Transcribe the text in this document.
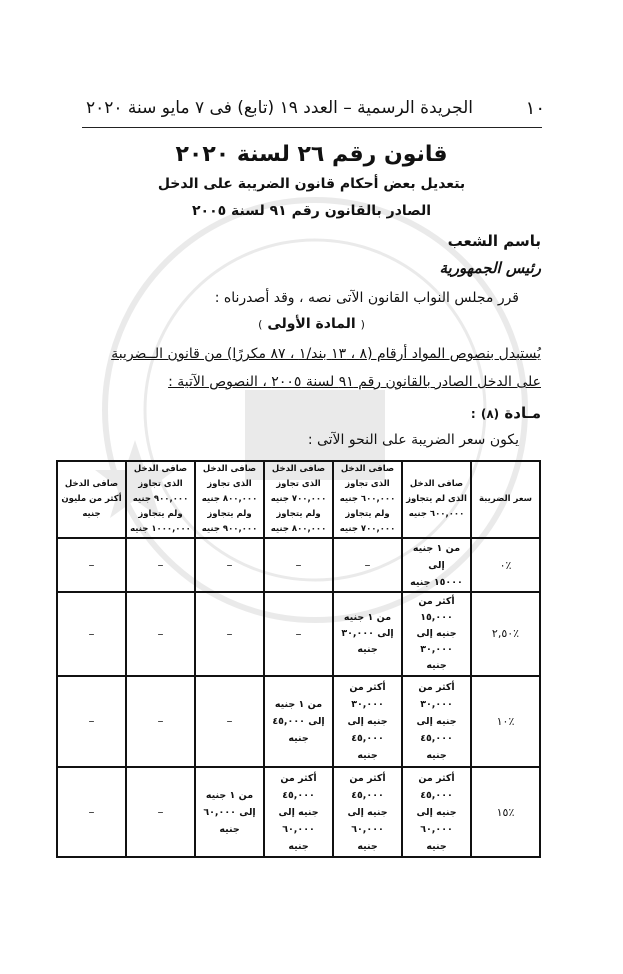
١٠
الجريدة الرسمية – العدد ١٩ (تابع) فى ٧ مايو سنة ٢٠٢٠
قانون رقم ٢٦ لسنة ٢٠٢٠
بتعديل بعض أحكام قانون الضريبة على الدخل
الصادر بالقانون رقم ٩١ لسنة ٢٠٠٥
باسم الشعب
رئيس الجمهورية
قرر مجلس النواب القانون الآتى نصه ، وقد أصدرناه :
( المادة الأولى )
يُستبدل بنصوص المواد أرقام (٨ ، ١٣ بند/١ ، ٨٧ مكررًا) من قانون الــضريبة
على الدخل الصادر بالقانون رقم ٩١ لسنة ٢٠٠٥ ، النصوص الآتية :
مـادة (٨) :
يكون سعر الضريبة على النحو الآتى :
سعر الضريبة	صافى الدخل
الذى لم يتجاوز
٦٠٠,٠٠٠ جنيه	صافى الدخل
الذى تجاوز
٦٠٠,٠٠٠ جنيه
ولم يتجاوز
٧٠٠,٠٠٠ جنيه	صافى الدخل
الذى تجاوز
٧٠٠,٠٠٠ جنيه
ولم يتجاوز
٨٠٠,٠٠٠ جنيه	صافى الدخل
الذى تجاوز
٨٠٠,٠٠٠ جنيه
ولم يتجاوز
٩٠٠,٠٠٠ جنيه	صافى الدخل
الذى تجاوز
٩٠٠,٠٠٠ جنيه
ولم يتجاوز
١٠٠٠,٠٠٠ جنيه	صافى الدخل
أكثر من مليون
جنيه

٪٠	من ١ جنيه
إلى
١٥٠٠٠ جنيه	–	–	–	–	–

٪٢,٥٠	أكثر من
١٥,٠٠٠
جنيه إلى
٣٠,٠٠٠
جنيه	من ١ جنيه
إلى ٣٠,٠٠٠
جنيه	–	–	–	–

٪١٠	أكثر من
٣٠,٠٠٠
جنيه إلى
٤٥,٠٠٠
جنيه	أكثر من
٣٠,٠٠٠
جنيه إلى
٤٥,٠٠٠
جنيه	من ١ جنيه
إلى ٤٥,٠٠٠
جنيه	–	–	–

٪١٥	أكثر من
٤٥,٠٠٠
جنيه إلى
٦٠,٠٠٠
جنيه	أكثر من
٤٥,٠٠٠
جنيه إلى
٦٠,٠٠٠
جنيه	أكثر من
٤٥,٠٠٠
جنيه إلى
٦٠,٠٠٠
جنيه	من ١ جنيه
إلى ٦٠,٠٠٠
جنيه	–	–
